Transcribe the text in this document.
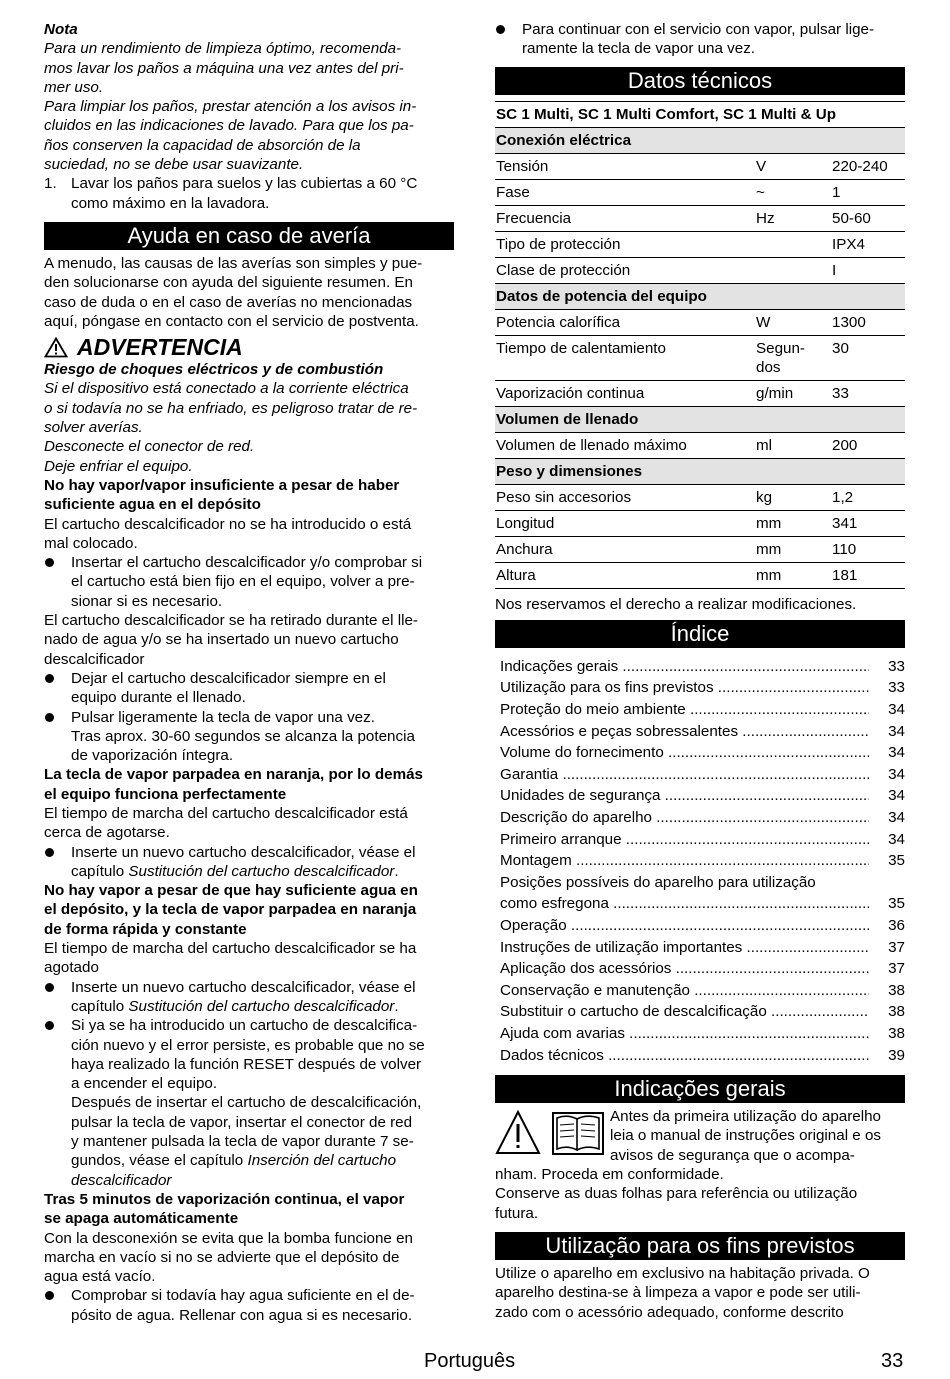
Nota

Para un rendimiento de limpieza óptimo, recomenda-

mos lavar los paños a máquina una vez antes del pri-

mer uso.

Para limpiar los paños, prestar atención a los avisos in-

cluidos en las indicaciones de lavado. Para que los pa-

ños conserven la capacidad de absorción de la

suciedad, no se debe usar suavizante.

1. Lavar los paños para suelos y las cubiertas a 60 °C

como máximo en la lavadora.

Ayuda en caso de avería

A menudo, las causas de las averías son simples y pue-

den solucionarse con ayuda del siguiente resumen. En

caso de duda o en el caso de averías no mencionadas

aquí, póngase en contacto con el servicio de postventa.

ADVERTENCIA

Riesgo de choques eléctricos y de combustión

Si el dispositivo está conectado a la corriente eléctrica

o si todavía no se ha enfriado, es peligroso tratar de re-

solver averías.

Desconecte el conector de red.

Deje enfriar el equipo.

No hay vapor/vapor insuficiente a pesar de haber

suficiente agua en el depósito

El cartucho descalcificador no se ha introducido o está

mal colocado.

Insertar el cartucho descalcificador y/o comprobar si

el cartucho está bien fijo en el equipo, volver a pre-

sionar si es necesario.

El cartucho descalcificador se ha retirado durante el lle-

nado de agua y/o se ha insertado un nuevo cartucho

descalcificador

Dejar el cartucho descalcificador siempre en el

equipo durante el llenado.

Pulsar ligeramente la tecla de vapor una vez.

Tras aprox. 30-60 segundos se alcanza la potencia

de vaporización íntegra.

La tecla de vapor parpadea en naranja, por lo demás

el equipo funciona perfectamente

El tiempo de marcha del cartucho descalcificador está

cerca de agotarse.

Inserte un nuevo cartucho descalcificador, véase el

capítulo Sustitución del cartucho descalcificador.

No hay vapor a pesar de que hay suficiente agua en

el depósito, y la tecla de vapor parpadea en naranja

de forma rápida y constante

El tiempo de marcha del cartucho descalcificador se ha

agotado

Inserte un nuevo cartucho descalcificador, véase el

capítulo Sustitución del cartucho descalcificador.

Si ya se ha introducido un cartucho de descalcifica-

ción nuevo y el error persiste, es probable que no se

haya realizado la función RESET después de volver

a encender el equipo.

Después de insertar el cartucho de descalcificación,

pulsar la tecla de vapor, insertar el conector de red

y mantener pulsada la tecla de vapor durante 7 se-

gundos, véase el capítulo Inserción del cartucho

descalcificador

Tras 5 minutos de vaporización continua, el vapor

se apaga automáticamente

Con la desconexión se evita que la bomba funcione en

marcha en vacío si no se advierte que el depósito de

agua está vacío.

Comprobar si todavía hay agua suficiente en el de-

pósito de agua. Rellenar con agua si es necesario.

Para continuar con el servicio con vapor, pulsar lige-

ramente la tecla de vapor una vez.

Datos técnicos
SC 1 Multi, SC 1 Multi Comfort, SC 1 Multi & Up		
Conexión eléctrica		
Tensión	V	220-240
Fase	~	1
Frecuencia	Hz	50-60
Tipo de protección		IPX4
Clase de protección		I
Datos de potencia del equipo		
Potencia calorífica	W	1300
Tiempo de calentamiento	Segun-
dos	30
Vaporización continua	g/min	33
Volumen de llenado		
Volumen de llenado máximo	ml	200
Peso y dimensiones		
Peso sin accesorios	kg	1,2
Longitud	mm	341
Anchura	mm	110
Altura	mm	181

Nos reservamos el derecho a realizar modificaciones.

Índice
Indicações gerais .....	33
Utilização para os fins previstos .....	33
Proteção do meio ambiente .....	34
Acessórios e peças sobressalentes .....	34
Volume do fornecimento .....	34
Garantia .....	34
Unidades de segurança .....	34
Descrição do aparelho .....	34
Primeiro arranque .....	34
Montagem .....	35

Posições possíveis do aparelho para utilização

como esfregona .....	35
Operação .....	36
Instruções de utilização importantes .....	37
Aplicação dos acessórios .....	37
Conservação e manutenção .....	38
Substituir o cartucho de descalcificação .....	38
Ajuda com avarias .....	38
Dados técnicos .....	39
Indicações gerais

Antes da primeira utilização do aparelho

leia o manual de instruções original e os

avisos de segurança que o acompa-

nham. Proceda em conformidade.

Conserve as duas folhas para referência ou utilização

futura.

Utilização para os fins previstos

Utilize o aparelho em exclusivo na habitação privada. O

aparelho destina-se à limpeza a vapor e pode ser utili-

zado com o acessório adequado, conforme descrito

Português	33
